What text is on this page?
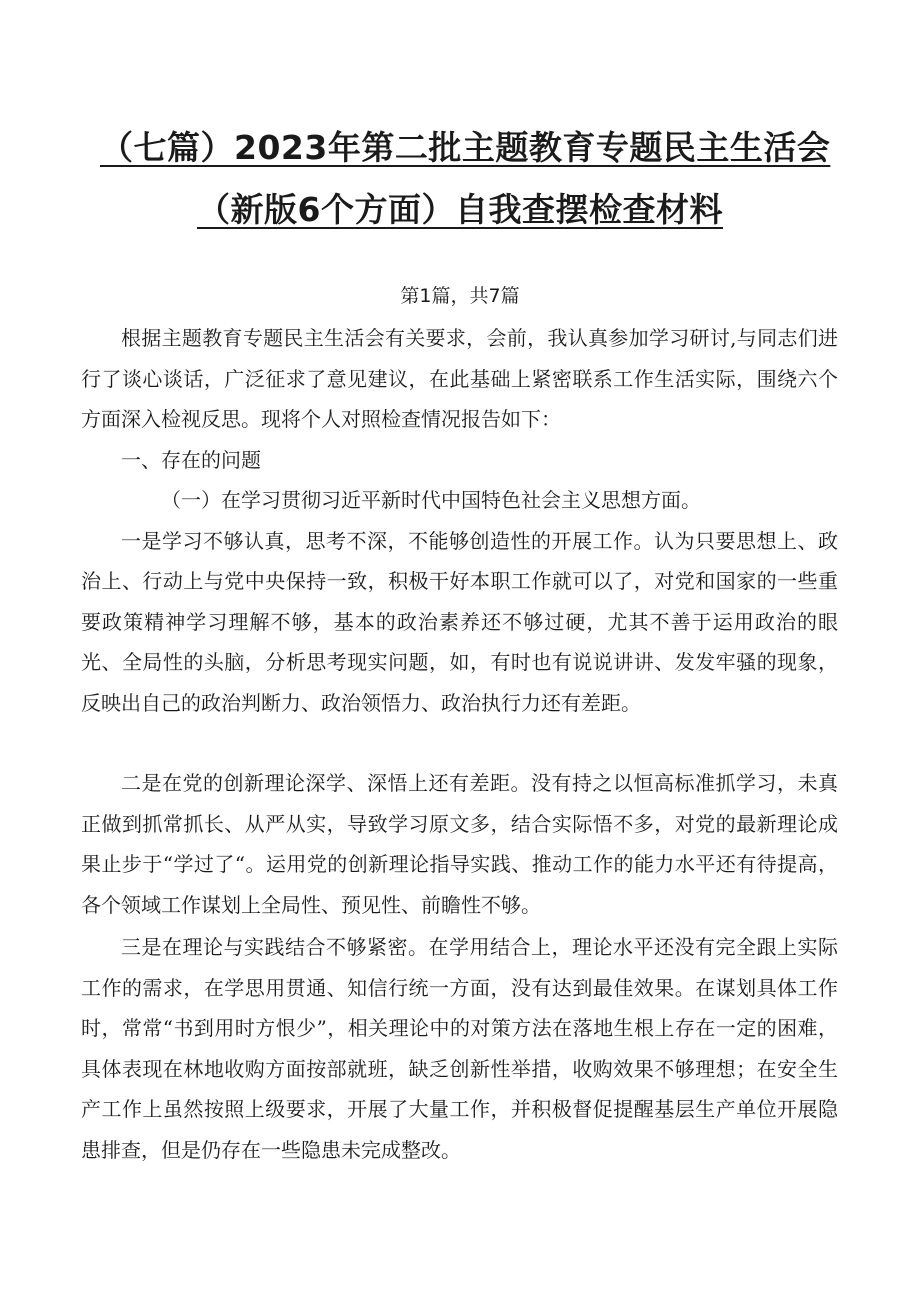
（七篇）2023年第二批主题教育专题民主生活会
（新版6个方面）自我查摆检查材料
第1篇，共7篇

根据主题教育专题民主生活会有关要求，会前，我认真参加学习研讨,与同志们进行了谈心谈话，广泛征求了意见建议，在此基础上紧密联系工作生活实际，围绕六个方面深入检视反思。现将个人对照检查情况报告如下：

一、存在的问题

（一）在学习贯彻习近平新时代中国特色社会主义思想方面。

一是学习不够认真，思考不深，不能够创造性的开展工作。认为只要思想上、政治上、行动上与党中央保持一致，积极干好本职工作就可以了，对党和国家的一些重要政策精神学习理解不够，基本的政治素养还不够过硬，尤其不善于运用政治的眼光、全局性的头脑，分析思考现实问题，如，有时也有说说讲讲、发发牢骚的现象，反映出自己的政治判断力、政治领悟力、政治执行力还有差距。

二是在党的创新理论深学、深悟上还有差距。没有持之以恒高标准抓学习，未真正做到抓常抓长、从严从实，导致学习原文多，结合实际悟不多，对党的最新理论成果止步于“学过了“。运用党的创新理论指导实践、推动工作的能力水平还有待提高，各个领域工作谋划上全局性、预见性、前瞻性不够。

三是在理论与实践结合不够紧密。在学用结合上，理论水平还没有完全跟上实际工作的需求，在学思用贯通、知信行统一方面，没有达到最佳效果。在谋划具体工作时，常常“书到用时方恨少”，相关理论中的对策方法在落地生根上存在一定的困难，具体表现在林地收购方面按部就班，缺乏创新性举措，收购效果不够理想；在安全生产工作上虽然按照上级要求，开展了大量工作，并积极督促提醒基层生产单位开展隐患排查，但是仍存在一些隐患未完成整改。
